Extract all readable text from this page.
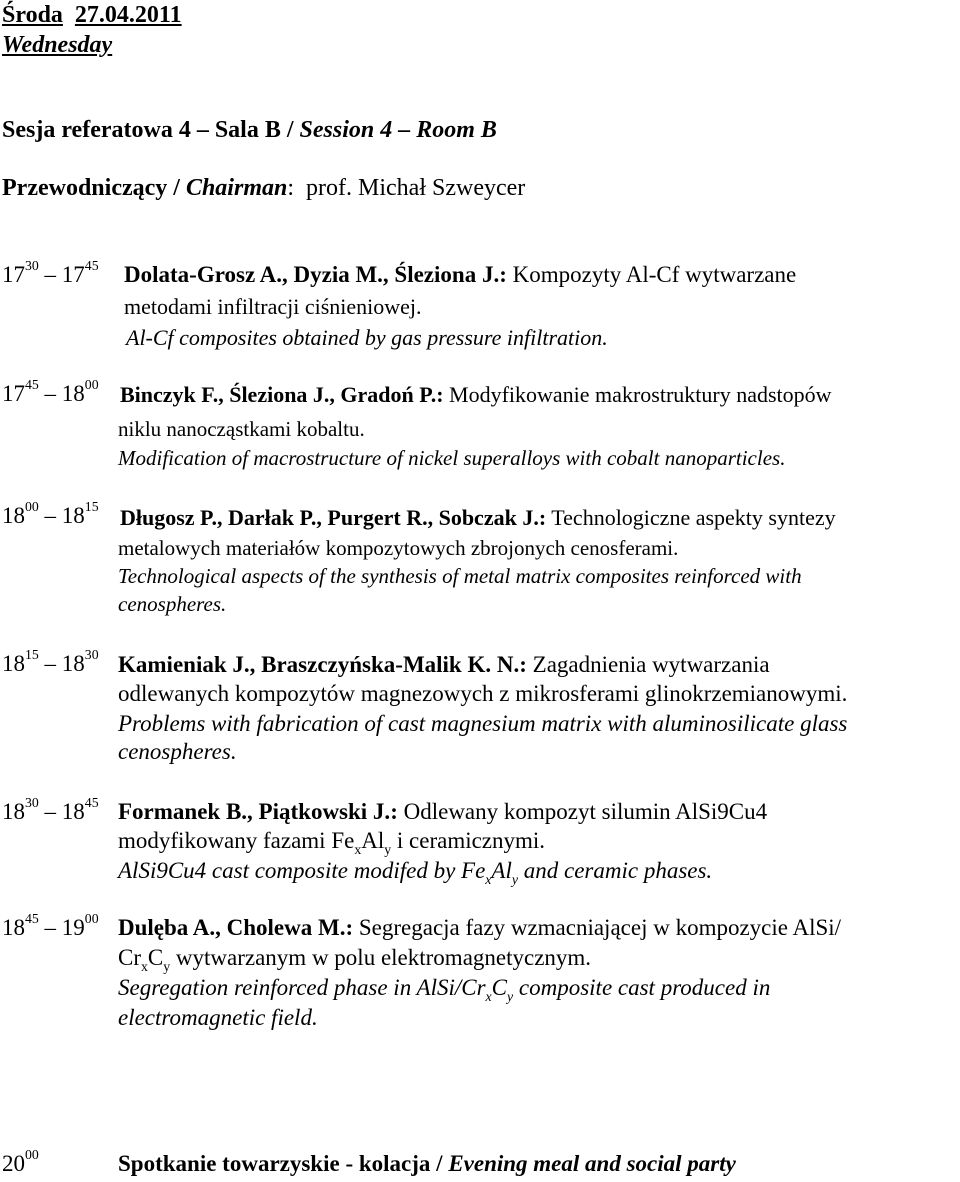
Środa 27.04.2011
Wednesday
Sesja referatowa 4 – Sala B / Session 4 – Room B
Przewodniczący / Chairman: prof. Michał Szweycer
$17^{30} - 17^{45}$ Dolata-Grosz A., Dyzia M., Śleziona J.: Kompozyty Al-Cf wytwarzane
metodami infiltracji ciśnieniowej.
Al-Cf composites obtained by gas pressure infiltration.
$17^{45} - 18^{00}$ Binczyk F., Śleziona J., Gradoń P.: Modyfikowanie makrostruktury nadstopów
niklu nanocząstkami kobaltu.
Modification of macrostructure of nickel superalloys with cobalt nanoparticles.
$18^{00} - 18^{15}$ Długosz P., Darłak P., Purgert R., Sobczak J.: Technologiczne aspekty syntezy
metalowych materiałów kompozytowych zbrojonych cenosferami.
Technological aspects of the synthesis of metal matrix composites reinforced with
cenospheres.
$18^{15} - 18^{30}$ Kamieniak J., Braszczyńska-Malik K. N.: Zagadnienia wytwarzania
odlewanych kompozytów magnezowych z mikrosferami glinokrzemianowymi.
Problems with fabrication of cast magnesium matrix with aluminosilicate glass
cenospheres.
$18^{30} - 18^{45}$ Formanek B., Piątkowski J.: Odlewany kompozyt silumin AlSi9Cu4
modyfikowany fazami $Fe_xAl_y$ i ceramicznymi.
AlSi9Cu4 cast composite modifed by $Fe_xAl_y$ and ceramic phases.
$18^{45} - 19^{00}$ Dulęba A., Cholewa M.: Segregacja fazy wzmacniającej w kompozycie AlSi/
$Cr_xC_y$ wytwarzanym w polu elektromagnetycznym.
Segregation reinforced phase in AlSi/$Cr_xC_y$ composite cast produced in
electromagnetic field.
$20^{00}$	Spotkanie towarzyskie - kolacja / Evening meal and social party
